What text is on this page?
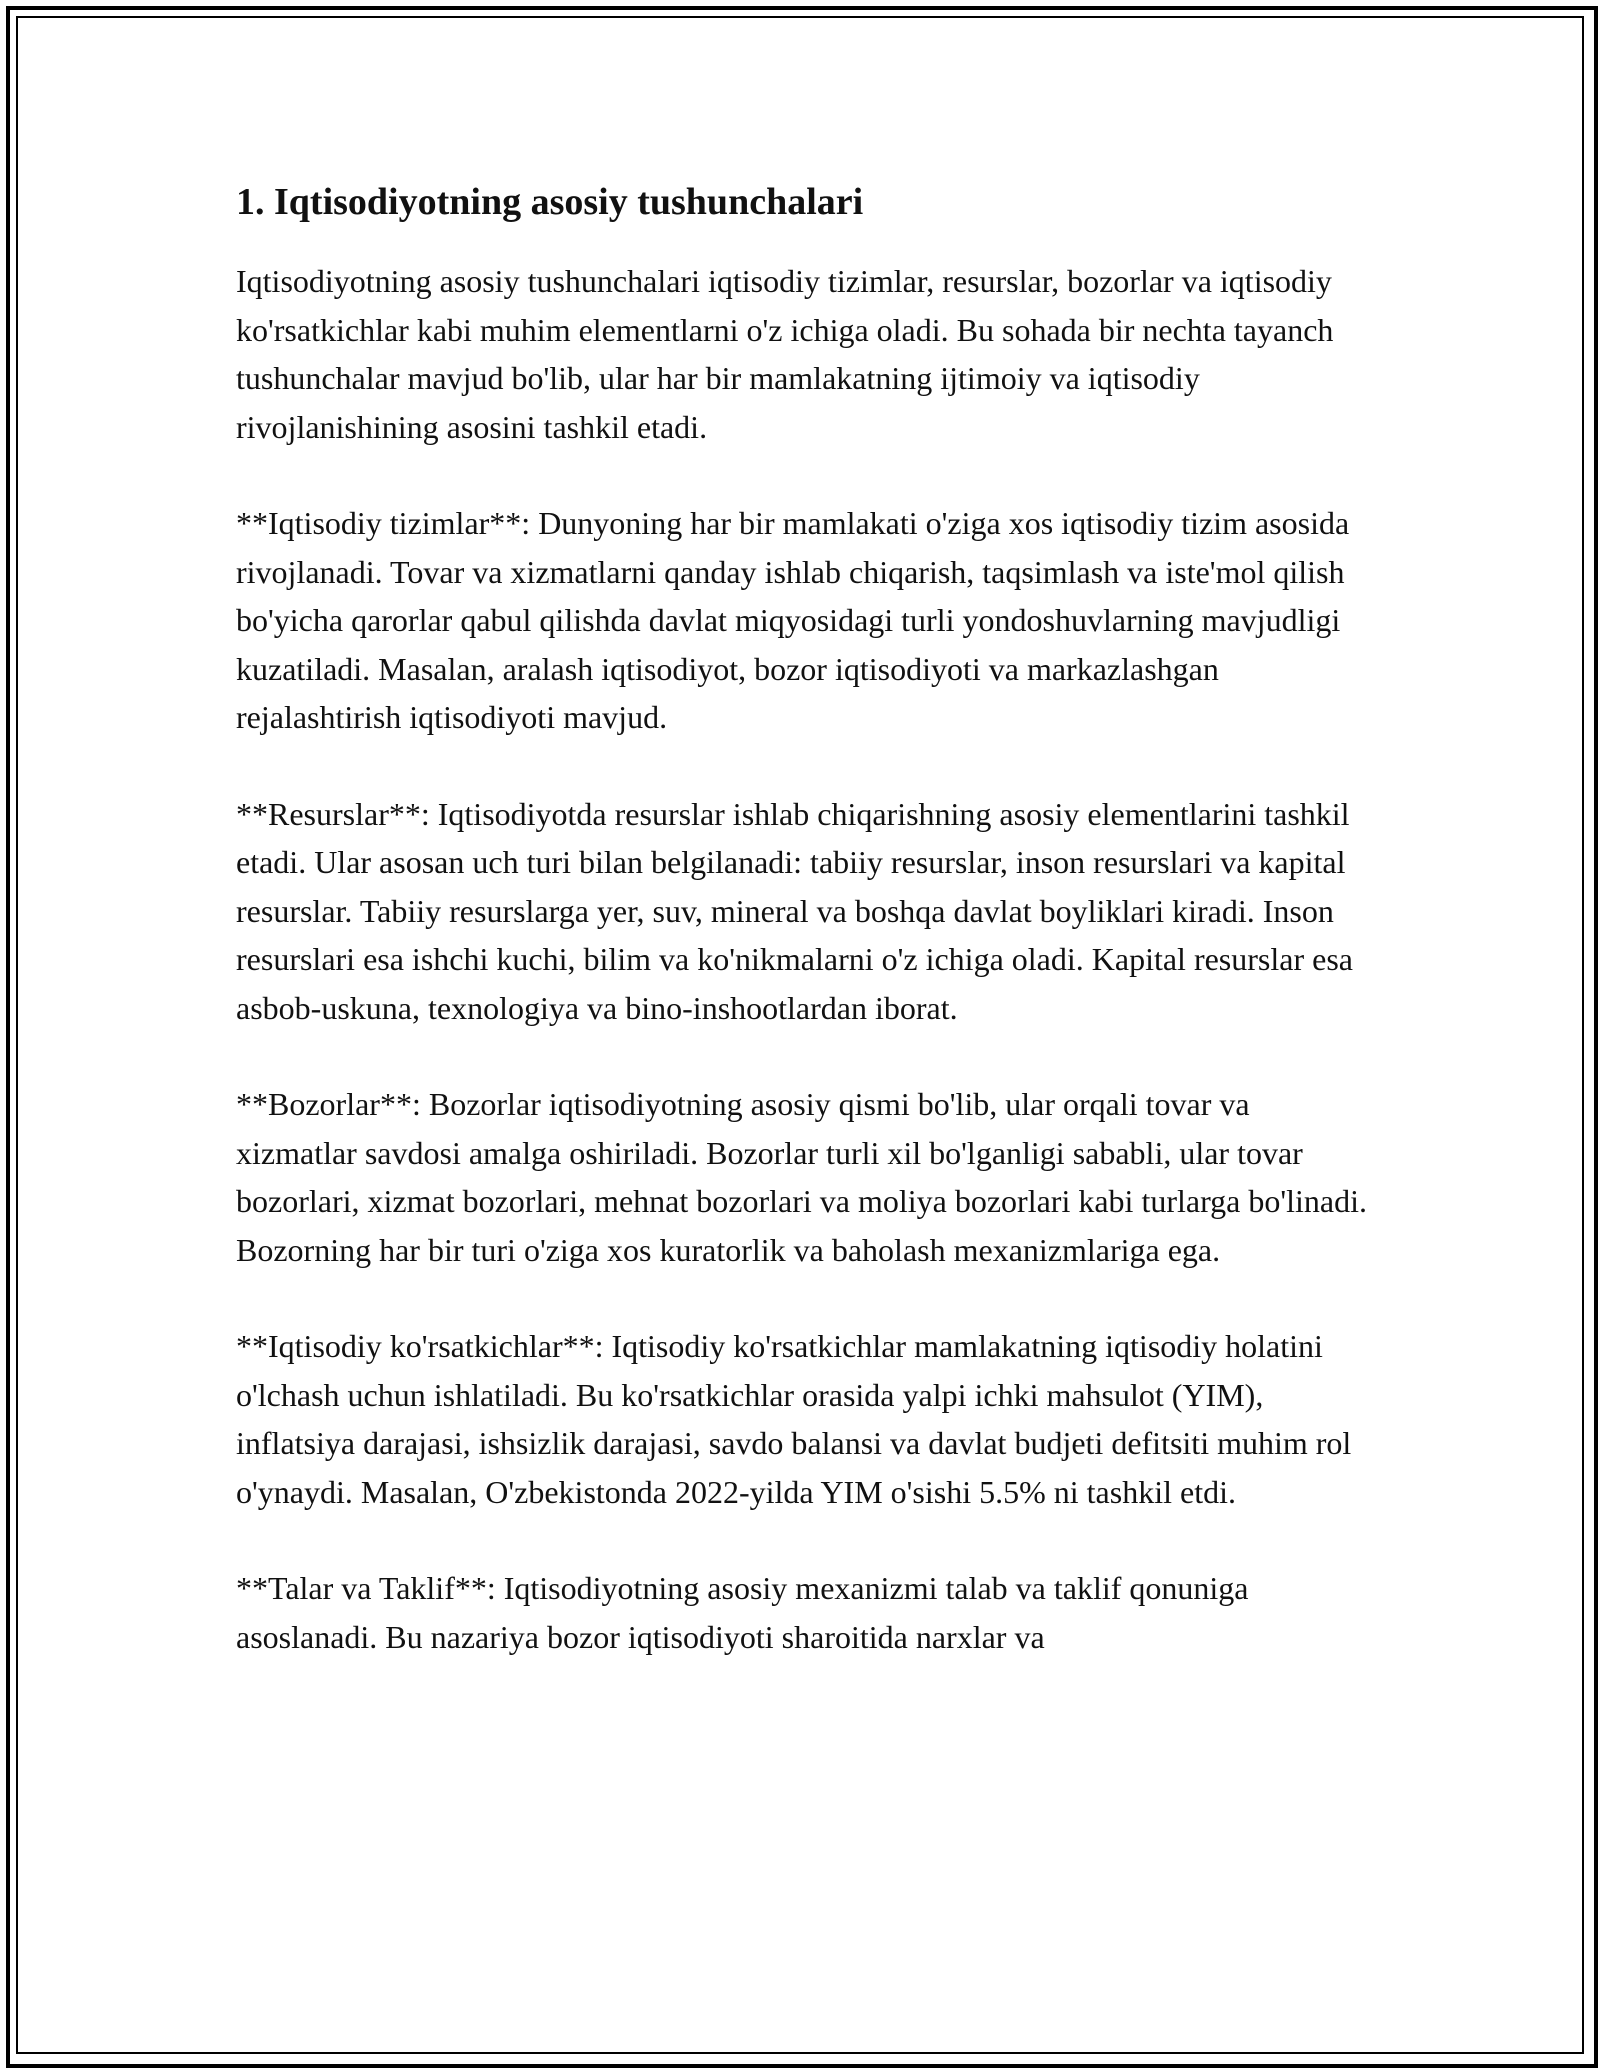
1. Iqtisodiyotning asosiy tushunchalari

Iqtisodiyotning asosiy tushunchalari iqtisodiy tizimlar, resurslar, bozorlar va iqtisodiy ko'rsatkichlar kabi muhim elementlarni o'z ichiga oladi. Bu sohada bir nechta tayanch tushunchalar mavjud bo'lib, ular har bir mamlakatning ijtimoiy va iqtisodiy rivojlanishining asosini tashkil etadi.

**Iqtisodiy tizimlar**: Dunyoning har bir mamlakati o'ziga xos iqtisodiy tizim asosida rivojlanadi. Tovar va xizmatlarni qanday ishlab chiqarish, taqsimlash va iste'mol qilish bo'yicha qarorlar qabul qilishda davlat miqyosidagi turli yondoshuvlarning mavjudligi kuzatiladi. Masalan, aralash iqtisodiyot, bozor iqtisodiyoti va markazlashgan rejalashtirish iqtisodiyoti mavjud.

**Resurslar**: Iqtisodiyotda resurslar ishlab chiqarishning asosiy elementlarini tashkil etadi. Ular asosan uch turi bilan belgilanadi: tabiiy resurslar, inson resurslari va kapital resurslar. Tabiiy resurslarga yer, suv, mineral va boshqa davlat boyliklari kiradi. Inson resurslari esa ishchi kuchi, bilim va ko'nikmalarni o'z ichiga oladi. Kapital resurslar esa asbob-uskuna, texnologiya va bino-inshootlardan iborat.

**Bozorlar**: Bozorlar iqtisodiyotning asosiy qismi bo'lib, ular orqali tovar va xizmatlar savdosi amalga oshiriladi. Bozorlar turli xil bo'lganligi sababli, ular tovar bozorlari, xizmat bozorlari, mehnat bozorlari va moliya bozorlari kabi turlarga bo'linadi. Bozorning har bir turi o'ziga xos kuratorlik va baholash mexanizmlariga ega.

**Iqtisodiy ko'rsatkichlar**: Iqtisodiy ko'rsatkichlar mamlakatning iqtisodiy holatini o'lchash uchun ishlatiladi. Bu ko'rsatkichlar orasida yalpi ichki mahsulot (YIM), inflatsiya darajasi, ishsizlik darajasi, savdo balansi va davlat budjeti defitsiti muhim rol o'ynaydi. Masalan, O'zbekistonda 2022-yilda YIM o'sishi 5.5% ni tashkil etdi.

**Talar va Taklif**: Iqtisodiyotning asosiy mexanizmi talab va taklif qonuniga asoslanadi. Bu nazariya bozor iqtisodiyoti sharoitida narxlar va
